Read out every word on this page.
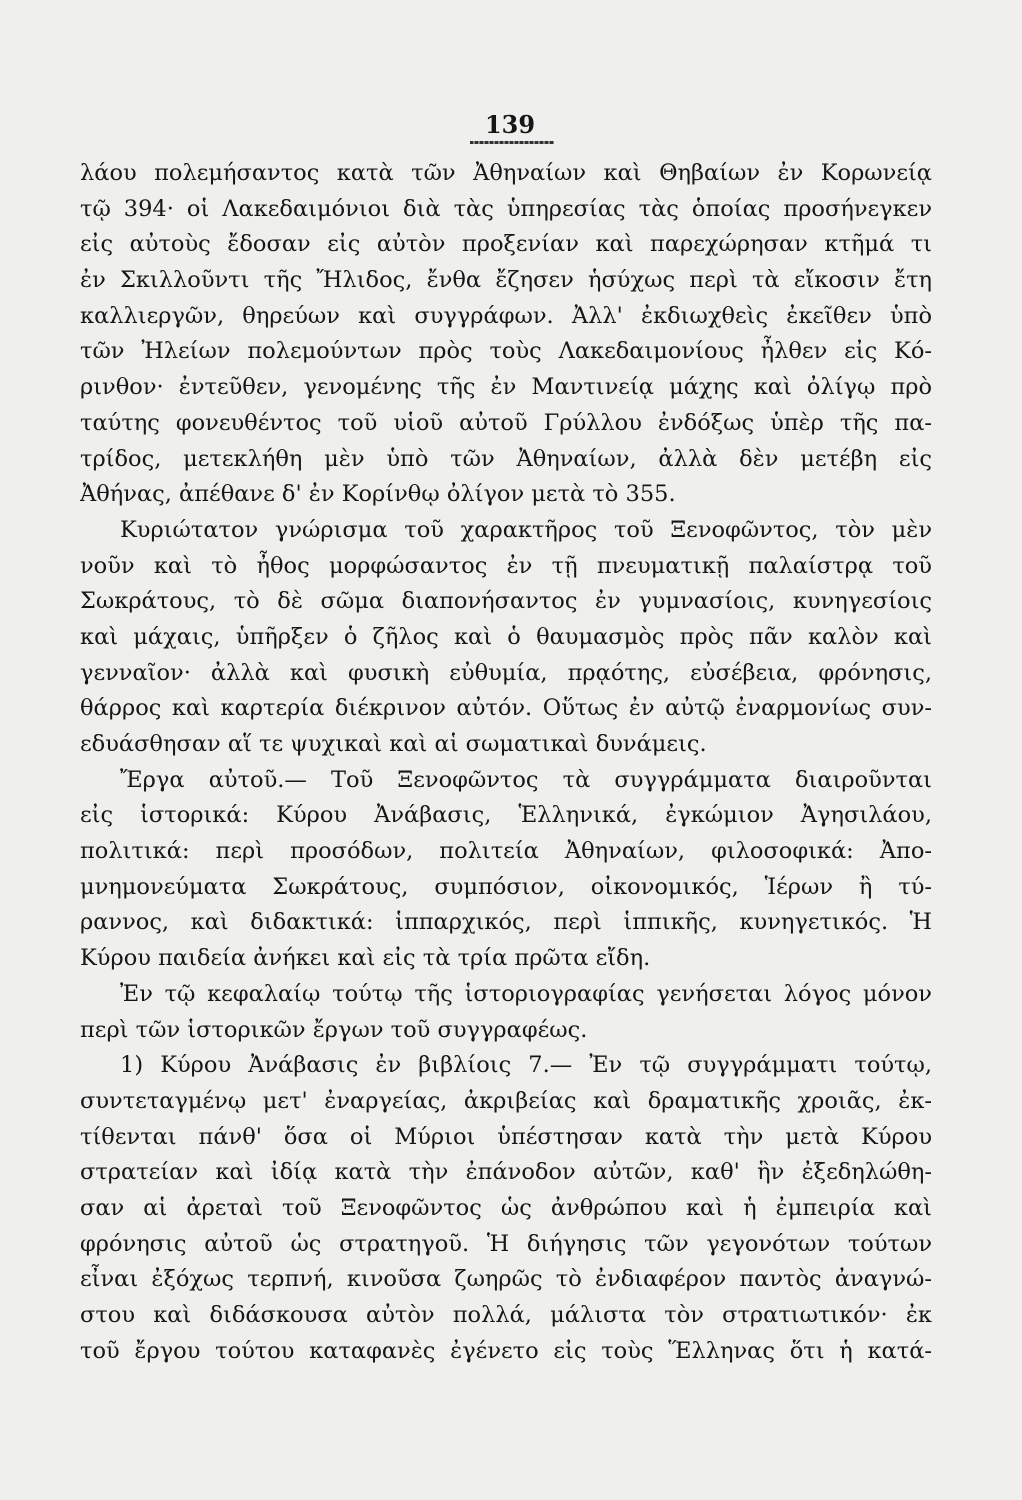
139
λάου πολεμήσαντος κατὰ τῶν Ἀθηναίων καὶ Θηβαίων ἐν Κορωνείᾳ
τῷ 394· οἱ Λακεδαιμόνιοι διὰ τὰς ὑπηρεσίας τὰς ὁποίας προσήνεγκεν
εἰς αὐτοὺς ἔδοσαν εἰς αὐτὸν προξενίαν καὶ παρεχώρησαν κτῆμά τι
ἐν Σκιλλοῦντι τῆς Ἤλιδος, ἔνθα ἔζησεν ἡσύχως περὶ τὰ εἴκοσιν ἔτη
καλλιεργῶν, θηρεύων καὶ συγγράφων. Ἀλλ' ἐκδιωχθεὶς ἐκεῖθεν ὑπὸ
τῶν Ἠλείων πολεμούντων πρὸς τοὺς Λακεδαιμονίους ἦλθεν εἰς Κό-
ρινθον· ἐντεῦθεν, γενομένης τῆς ἐν Μαντινείᾳ μάχης καὶ ὀλίγῳ πρὸ
ταύτης φονευθέντος τοῦ υἱοῦ αὐτοῦ Γρύλλου ἐνδόξως ὑπὲρ τῆς πα-
τρίδος, μετεκλήθη μὲν ὑπὸ τῶν Ἀθηναίων, ἀλλὰ δὲν μετέβη εἰς
Ἀθήνας, ἀπέθανε δ' ἐν Κορίνθῳ ὀλίγον μετὰ τὸ 355.
Κυριώτατον γνώρισμα τοῦ χαρακτῆρος τοῦ Ξενοφῶντος, τὸν μὲν
νοῦν καὶ τὸ ἦθος μορφώσαντος ἐν τῇ πνευματικῇ παλαίστρᾳ τοῦ
Σωκράτους, τὸ δὲ σῶμα διαπονήσαντος ἐν γυμνασίοις, κυνηγεσίοις
καὶ μάχαις, ὑπῆρξεν ὁ ζῆλος καὶ ὁ θαυμασμὸς πρὸς πᾶν καλὸν καὶ
γενναῖον· ἀλλὰ καὶ φυσικὴ εὐθυμία, πρᾳότης, εὐσέβεια, φρόνησις,
θάρρος καὶ καρτερία διέκρινον αὐτόν. Οὕτως ἐν αὐτῷ ἐναρμονίως συν-
εδυάσθησαν αἵ τε ψυχικαὶ καὶ αἱ σωματικαὶ δυνάμεις.
Ἔργα αὐτοῦ.— Τοῦ Ξενοφῶντος τὰ συγγράμματα διαιροῦνται
εἰς ἱστορικά: Κύρου Ἀνάβασις, Ἑλληνικά, ἐγκώμιον Ἀγησιλάου,
πολιτικά: περὶ προσόδων, πολιτεία Ἀθηναίων, φιλοσοφικά: Ἀπο-
μνημονεύματα Σωκράτους, συμπόσιον, οἰκονομικός, Ἱέρων ἢ τύ-
ραννος, καὶ διδακτικά: ἱππαρχικός, περὶ ἱππικῆς, κυνηγετικός. Ἡ
Κύρου παιδεία ἀνήκει καὶ εἰς τὰ τρία πρῶτα εἴδη.
Ἐν τῷ κεφαλαίῳ τούτῳ τῆς ἱστοριογραφίας γενήσεται λόγος μόνον
περὶ τῶν ἱστορικῶν ἔργων τοῦ συγγραφέως.
1) Κύρου Ἀνάβασις ἐν βιβλίοις 7.— Ἐν τῷ συγγράμματι τούτῳ,
συντεταγμένῳ μετ' ἐναργείας, ἀκριβείας καὶ δραματικῆς χροιᾶς, ἐκ-
τίθενται πάνθ' ὅσα οἱ Μύριοι ὑπέστησαν κατὰ τὴν μετὰ Κύρου
στρατείαν καὶ ἰδίᾳ κατὰ τὴν ἐπάνοδον αὐτῶν, καθ' ἣν ἐξεδηλώθη-
σαν αἱ ἀρεταὶ τοῦ Ξενοφῶντος ὡς ἀνθρώπου καὶ ἡ ἐμπειρία καὶ
φρόνησις αὐτοῦ ὡς στρατηγοῦ. Ἡ διήγησις τῶν γεγονότων τούτων
εἶναι ἐξόχως τερπνή, κινοῦσα ζωηρῶς τὸ ἐνδιαφέρον παντὸς ἀναγνώ-
στου καὶ διδάσκουσα αὐτὸν πολλά, μάλιστα τὸν στρατιωτικόν· ἐκ
τοῦ ἔργου τούτου καταφανὲς ἐγένετο εἰς τοὺς Ἕλληνας ὅτι ἡ κατά-
